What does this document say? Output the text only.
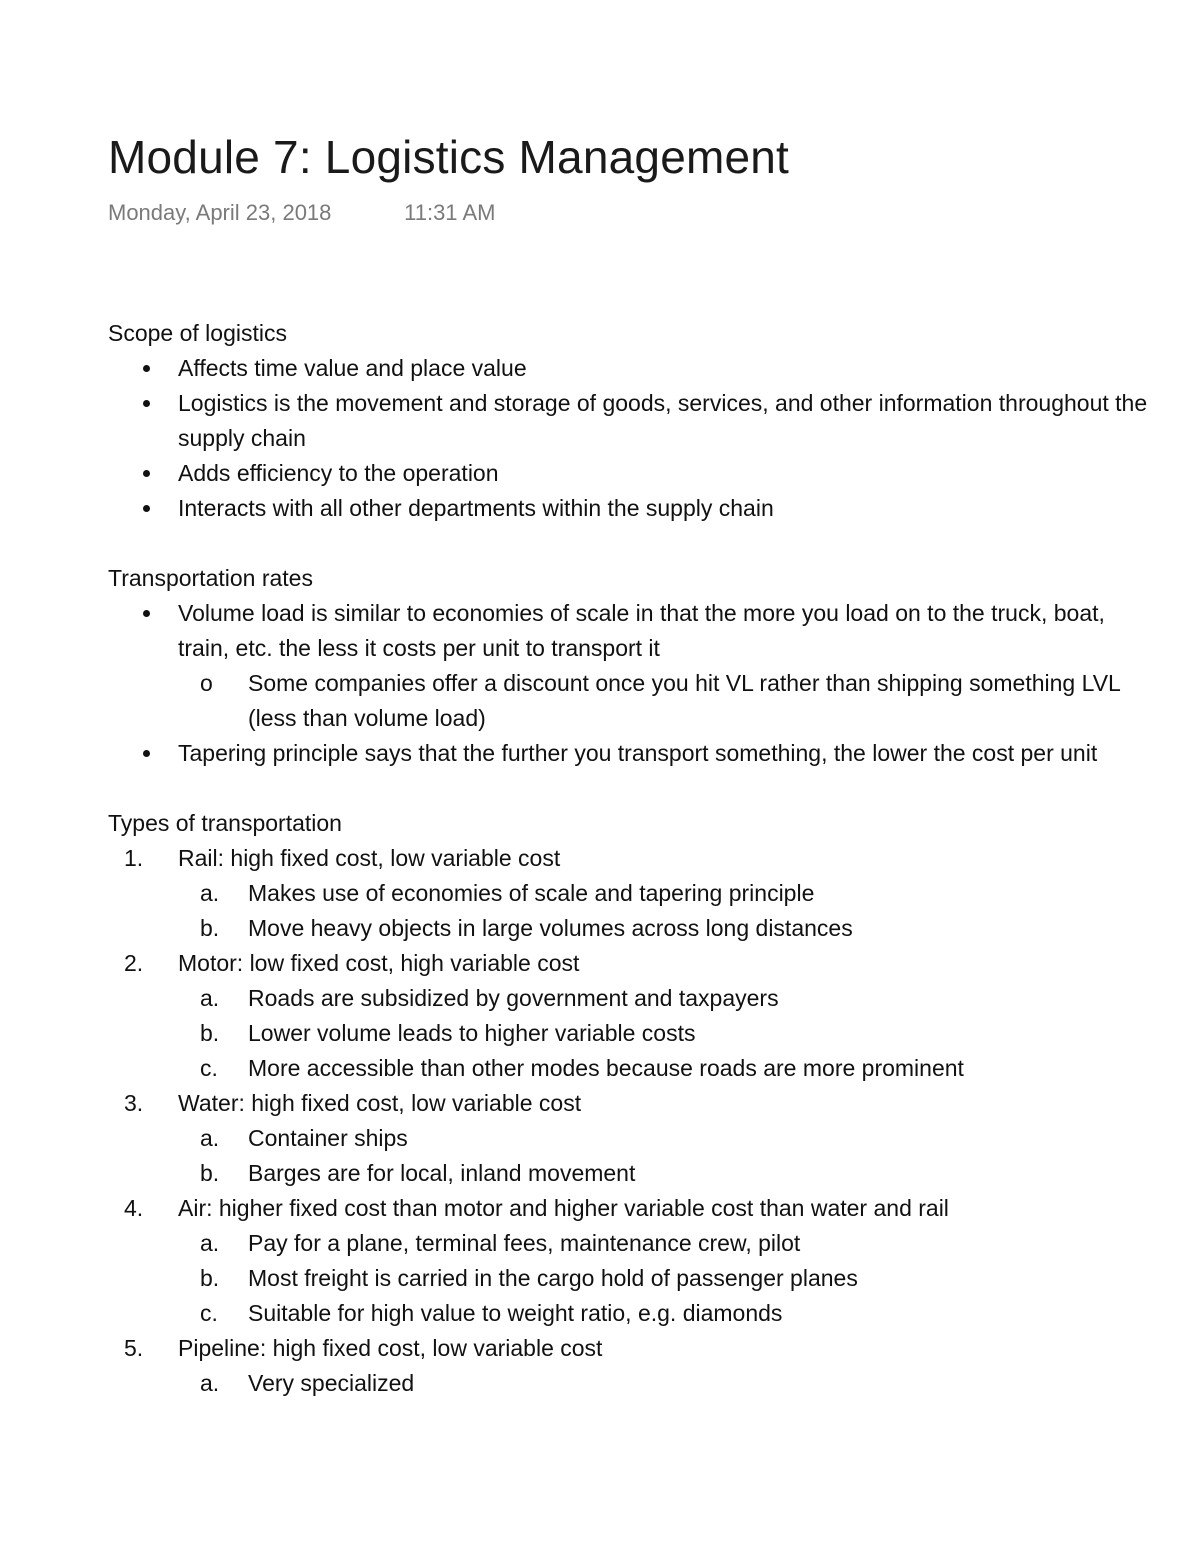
Module 7: Logistics Management
Monday, April 23, 2018	11:31 AM
Scope of logistics
Affects time value and place value
Logistics is the movement and storage of goods, services, and other information throughout the supply chain
Adds efficiency to the operation
Interacts with all other departments within the supply chain
Transportation rates
Volume load is similar to economies of scale in that the more you load on to the truck, boat, train, etc. the less it costs per unit to transport it
o	Some companies offer a discount once you hit VL rather than shipping something LVL (less than volume load)
Tapering principle says that the further you transport something, the lower the cost per unit
Types of transportation
1.	Rail: high fixed cost, low variable cost
a.	Makes use of economies of scale and tapering principle
b.	Move heavy objects in large volumes across long distances
2.	Motor: low fixed cost, high variable cost
a.	Roads are subsidized by government and taxpayers
b.	Lower volume leads to higher variable costs
c.	More accessible than other modes because roads are more prominent
3.	Water: high fixed cost, low variable cost
a.	Container ships
b.	Barges are for local, inland movement
4.	Air: higher fixed cost than motor and higher variable cost than water and rail
a.	Pay for a plane, terminal fees, maintenance crew, pilot
b.	Most freight is carried in the cargo hold of passenger planes
c.	Suitable for high value to weight ratio, e.g. diamonds
5.	Pipeline: high fixed cost, low variable cost
a.	Very specialized
